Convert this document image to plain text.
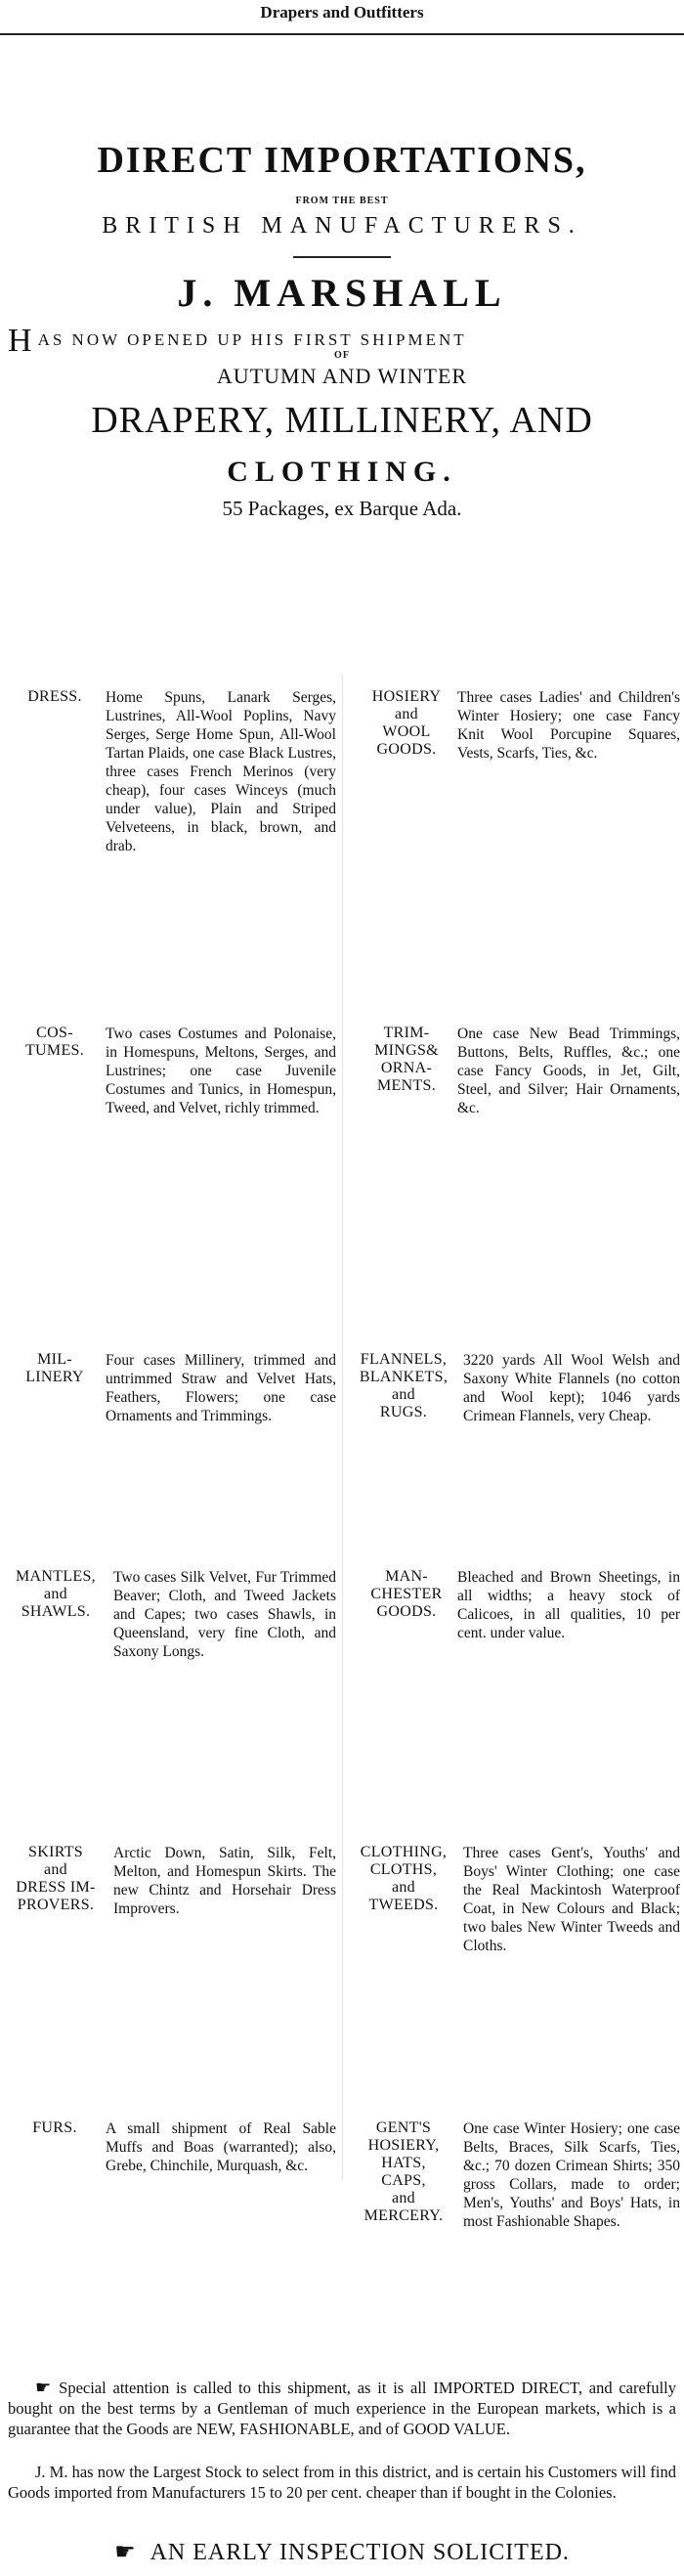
Drapers and Outfitters
DIRECT IMPORTATIONS,
FROM THE BEST
BRITISH MANUFACTURERS.
J. MARSHALL
HAS NOW OPENED UP HIS FIRST SHIPMENT
OF
AUTUMN AND WINTER
DRAPERY, MILLINERY, AND
CLOTHING.
55 Packages, ex Barque Ada.
DRESS.	Home Spuns, Lanark Serges, Lustrines, All-Wool Poplins, Navy Serges, Serge Home Spun, All-Wool Tartan Plaids, one case Black Lustres, three cases French Merinos (very cheap), four cases Winceys (much under value), Plain and Striped Velveteens, in black, brown, and drab.
HOSIERY
and
WOOL
GOODS.
Three cases Ladies' and Children's Winter Hosiery; one case Fancy Knit Wool Porcupine Squares, Vests, Scarfs, Ties, &c.
COS-
TUMES.
Two cases Costumes and Polonaise, in Homespuns, Meltons, Serges, and Lustrines; one case Juvenile Costumes and Tunics, in Homespun, Tweed, and Velvet, richly trimmed.
TRIM-
MINGS&
ORNA-
MENTS.
One case New Bead Trimmings, Buttons, Belts, Ruffles, &c.; one case Fancy Goods, in Jet, Gilt, Steel, and Silver; Hair Ornaments, &c.
MIL-
LINERY
Four cases Millinery, trimmed and untrimmed Straw and Velvet Hats, Feathers, Flowers; one case Ornaments and Trimmings.
FLANNELS,
BLANKETS,
and
RUGS.
3220 yards All Wool Welsh and Saxony White Flannels (no cotton and Wool kept); 1046 yards Crimean Flannels, very Cheap.
MANTLES,
and
SHAWLS.
Two cases Silk Velvet, Fur Trimmed Beaver; Cloth, and Tweed Jackets and Capes; two cases Shawls, in Queensland, very fine Cloth, and Saxony Longs.
MAN-
CHESTER
GOODS.
Bleached and Brown Sheetings, in all widths; a heavy stock of Calicoes, in all qualities, 10 per cent. under value.
SKIRTS
and
DRESS IM-
PROVERS.
Arctic Down, Satin, Silk, Felt, Melton, and Homespun Skirts. The new Chintz and Horsehair Dress Improvers.
CLOTHING,
CLOTHS,
and
TWEEDS.
Three cases Gent's, Youths' and Boys' Winter Clothing; one case the Real Mackintosh Waterproof Coat, in New Colours and Black; two bales New Winter Tweeds and Cloths.
FURS.	A small shipment of Real Sable Muffs and Boas (warranted); also, Grebe, Chinchile, Murquash, &c.
GENT'S
HOSIERY,
HATS,
CAPS,
and
MERCERY.
One case Winter Hosiery; one case Belts, Braces, Silk Scarfs, Ties, &c.; 70 dozen Crimean Shirts; 350 gross Collars, made to order; Men's, Youths' and Boys' Hats, in most Fashionable Shapes.
☛ Special attention is called to this shipment, as it is all IMPORTED DIRECT, and carefully bought on the best terms by a Gentleman of much experience in the European markets, which is a guarantee that the Goods are NEW, FASHIONABLE, and of GOOD VALUE.
J. M. has now the Largest Stock to select from in this district, and is certain his Customers will find Goods imported from Manufacturers 15 to 20 per cent. cheaper than if bought in the Colonies.
☛ AN EARLY INSPECTION SOLICITED.
